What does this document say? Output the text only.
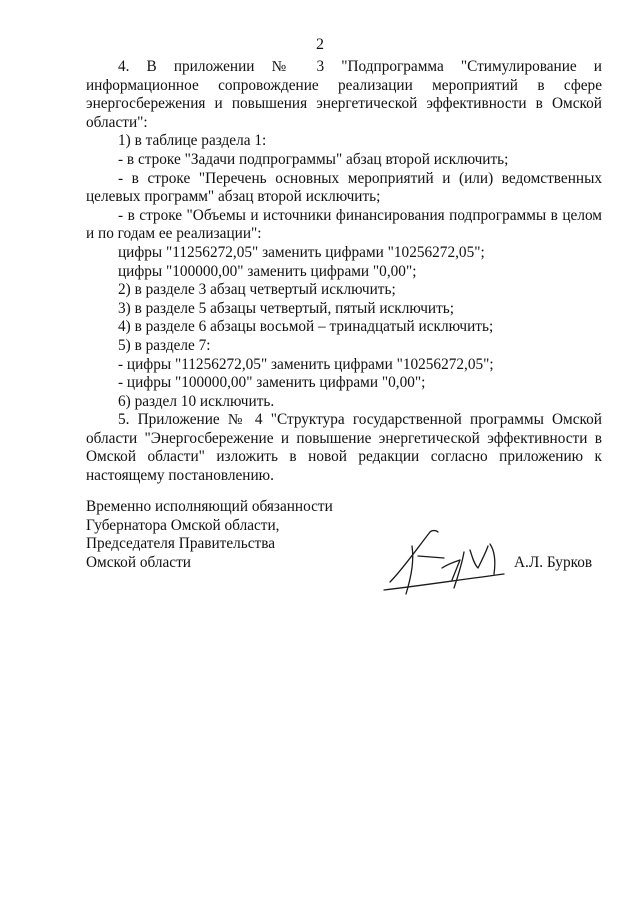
2

4. В приложении № 3 "Подпрограмма "Стимулирование и информационное сопровождение реализации мероприятий в сфере энергосбережения и повышения энергетической эффективности в Омской области":

1) в таблице раздела 1:

- в строке "Задачи подпрограммы" абзац второй исключить;

- в строке "Перечень основных мероприятий и (или) ведомственных целевых программ" абзац второй исключить;

- в строке "Объемы и источники финансирования подпрограммы в целом и по годам ее реализации":

цифры "11256272,05" заменить цифрами "10256272,05";

цифры "100000,00" заменить цифрами "0,00";

2) в разделе 3 абзац четвертый исключить;

3) в разделе 5 абзацы четвертый, пятый исключить;

4) в разделе 6 абзацы восьмой – тринадцатый исключить;

5) в разделе 7:

- цифры "11256272,05" заменить цифрами "10256272,05";

- цифры "100000,00" заменить цифрами "0,00";

6) раздел 10 исключить.

5. Приложение № 4 "Структура государственной программы Омской области "Энергосбережение и повышение энергетической эффективности в Омской области" изложить в новой редакции согласно приложению к настоящему постановлению.

Временно исполняющий обязанности
Губернатора Омской области,
Председателя Правительства
Омской области	А.Л. Бурков
